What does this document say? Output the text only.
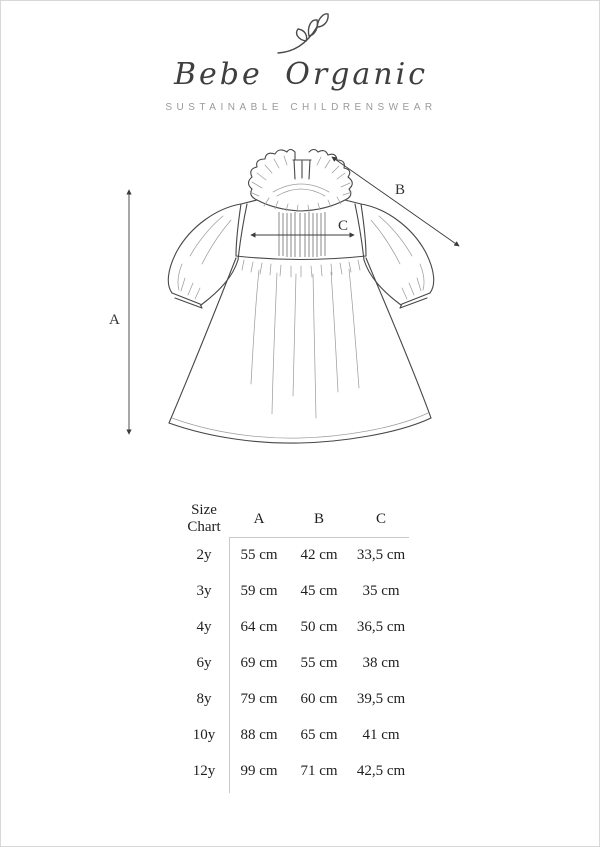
Bebe Organic
SUSTAINABLE CHILDRENSWEAR
A
B
C
Size Chart
A	B	C
2y	55 cm	42 cm	33,5 cm
3y	59 cm	45 cm	35 cm
4y	64 cm	50 cm	36,5 cm
6y	69 cm	55 cm	38 cm
8y	79 cm	60 cm	39,5 cm
10y	88 cm	65 cm	41 cm
12y	99 cm	71 cm	42,5 cm
